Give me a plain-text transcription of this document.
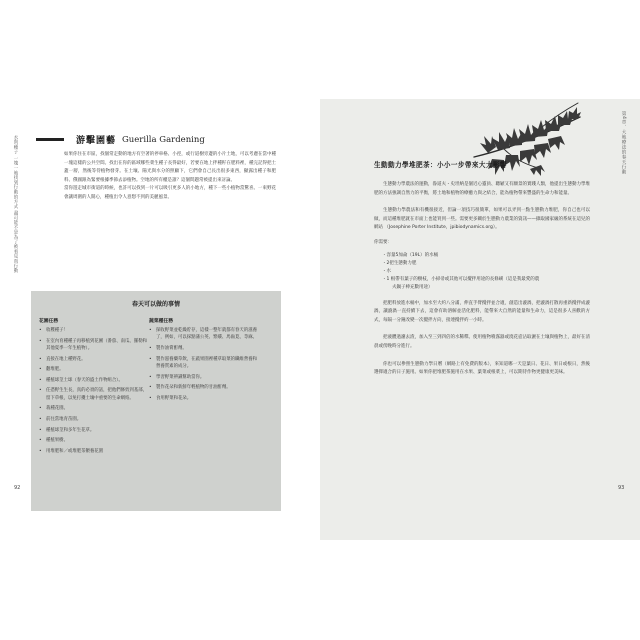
水與種子 一塊一地找到行動的方式 盡可能不是為了被看見而行動	游擊園藝 Guerilla Gardening

如果你住在市區，找個常走動的地方有空著的停車格、小徑，或行道樹旁邊的小片土地，可以考慮在當中種一塊這樣的公共空間。找出在你的區域哪些菜生種子長得最好，若要在地上拌種籽在肥料裡，種完記得把土蓋一層，然後等待植物發芽。在土壤、陽光與水分的照顧下，它們會自己長出很多東西，顯露出種子和肥料、俄國跟為緊要根據季節去添植物。空地的所有權是誰？這個問題常被提出來討論。

當你遊走城市街道的時候，也許可以找到一片可以吸引更多人的小地方，種下一些小植物當驚喜。一束野花會讓周圍的人開心，種植出令人意想不到的美麗風景。

春天可以做的事情
花園任務
• 收穫種子！
• 在室內育種種子再移植到花圃（番茄、南瓜、羅勒和其他夏季一年生植物）。
• 直接在地上種野花。
• 翻堆肥。
• 種植球莖土球（春天的盛土作物組合）。
• 任憑野生生長，真的必須的話，把他們修剪到基部，留下草根，以免打擾土壤中重要的生命網絡。
• 栽種花園。
• 前往當地育苗園。
• 種植球莖和多年生花草。
• 種植果樹。
• 用堆肥和／或堆肥茶餵養花園
蔬菜種任務
• 探收野菜並乾燥貯存，這樣一整年就都有春天的滋養了，例如，可以採點蒲公英、繁縷、馬齒莧、荨麻。
• 製作油膏酊劑。
• 製作滋養藥草飲，在蔬果園裡種草取菜的纖維營養和營養質素的成分。
• 學習野菜辨識幫助當你。
• 製作花朵和新鮮年輕植物的甘油酊劑。
• 食用野菜和花朵。
92
第4章．大地療法的春天行動
生動動力學堆肥茶：小小一步帶來大大影響

生態動力學農法的運動，魯道夫・史坦納是個近心靈員、聰穎又有願景的實踐人類，他提出生態動力學堆肥的方法強調自然力的平衡，將土地和植物的療癒力與之結合，能為植物帶來豐盛的生命力和能量。

生態動力學農法和有機很接近，但論一項技巧很簡單，如果可以弄到一點生態動力堆肥，你自己也可以做，而這種堆肥就在市面上也能買到一些。需要更多關於生態動力農業的資訊——擷取國家級的系統在這兒的網站 （Josephine Porter Institute，jpibiodynamics.org）。

你需要：

・容量5加侖（19L）的水桶
・2把生態動力肥
・水
・1 根帶有葉子的樹枝，小掃帚或其他可以攪拌用途的長條刷（這是我最愛的農
夫鍋子棒充數用途）

把肥料放進水桶中，加水至大約八分滿，伸直手臂攪拌並合適，創造出漩渦，把漩渦打散再重新攪拌成漩渦，讓漩渦一直持續下去，這會有助溶解並活化肥料，能帶來大自然的能量和生命力，這是很多人喜歡的方式，每隔一分鐘改變一次攪拌方向，接連攪拌約一小時。

把液體過濾去渣，加入至三到四倍的水稀釋。使用植物噴霧器或澆花壺沾取灑在土壤與植物上，最好在清晨或傍晚時分進行。

你也可以參照生態動力學日曆（網路上有免費的版本），來知道哪一天是葉日、花日、果日或根日，然後選擇適合的日子施用。如果你把堆肥茶施用在水果、葉菜或根菜上，可以期待作物更健康更美味。

93
